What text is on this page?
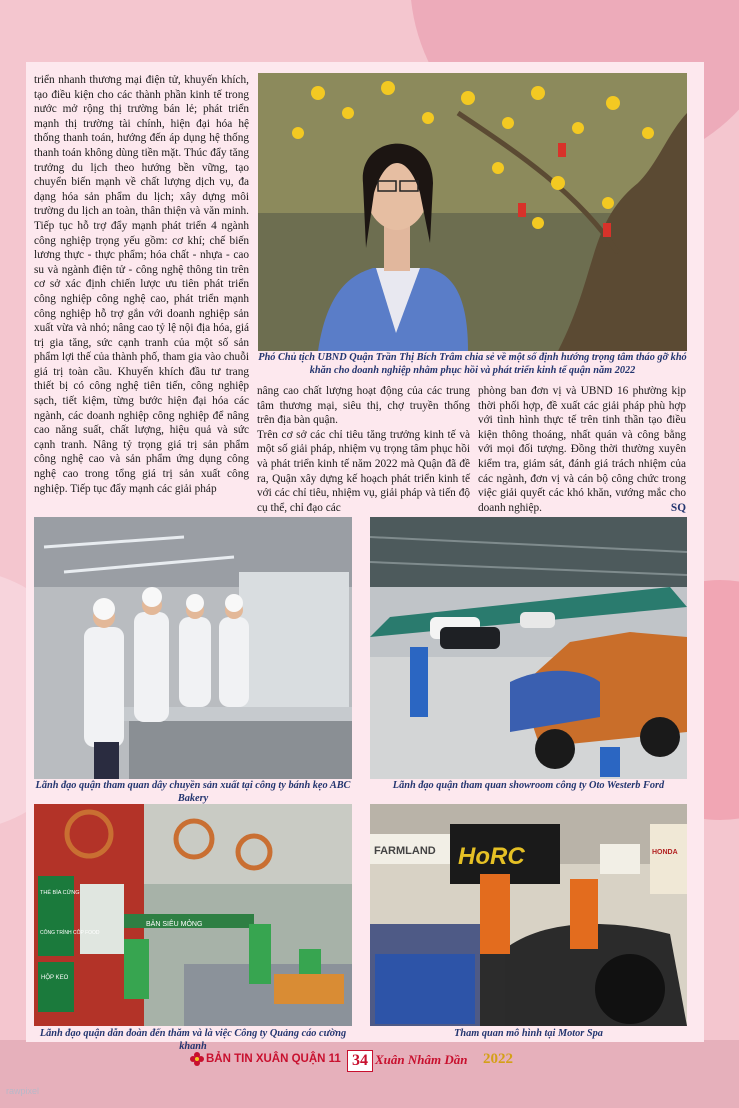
triển nhanh thương mại điện tử, khuyến khích, tạo điều kiện cho các thành phần kinh tế trong nước mở rộng thị trường bán lẻ; phát triển mạnh thị trường tài chính, hiện đại hóa hệ thống thanh toán, hướng đến áp dụng hệ thống thanh toán không dùng tiền mặt. Thúc đẩy tăng trưởng du lịch theo hướng bền vững, tạo chuyển biến mạnh về chất lượng dịch vụ, đa dạng hóa sản phẩm du lịch; xây dựng môi trường du lịch an toàn, thân thiện và văn minh. Tiếp tục hỗ trợ đẩy mạnh phát triển 4 ngành công nghiệp trọng yếu gồm: cơ khí; chế biến lương thực - thực phẩm; hóa chất - nhựa - cao su và ngành điện tử - công nghệ thông tin trên cơ sở xác định chiến lược ưu tiên phát triển công nghiệp công nghệ cao, phát triển mạnh công nghiệp hỗ trợ gắn với doanh nghiệp sản xuất vừa và nhỏ; nâng cao tỷ lệ nội địa hóa, giá trị gia tăng, sức cạnh tranh của một số sản phẩm lợi thế của thành phố, tham gia vào chuỗi giá trị toàn cầu. Khuyến khích đầu tư trang thiết bị có công nghệ tiên tiến, công nghiệp sạch, tiết kiệm, từng bước hiện đại hóa các ngành, các doanh nghiệp công nghiệp để nâng cao năng suất, chất lượng, hiệu quả và sức cạnh tranh. Nâng tỷ trọng giá trị sản phẩm công nghệ cao và sản phẩm ứng dụng công nghệ cao trong tổng giá trị sản xuất công nghiệp. Tiếp tục đẩy mạnh các giải pháp

Phó Chủ tịch UBND Quận Trần Thị Bích Trâm chia sẻ về một số định hướng trọng tâm tháo gỡ khó khăn cho doanh nghiệp nhằm phục hồi và phát triển kinh tế quận năm 2022

nâng cao chất lượng hoạt động của các trung tâm thương mại, siêu thị, chợ truyền thống trên địa bàn quận.

Trên cơ sở các chỉ tiêu tăng trưởng kinh tế và một số giải pháp, nhiệm vụ trọng tâm phục hồi và phát triển kinh tế năm 2022 mà Quận đã đề ra, Quận xây dựng kế hoạch phát triển kinh tế với các chỉ tiêu, nhiệm vụ, giải pháp và tiến độ cụ thể, chỉ đạo các

phòng ban đơn vị và UBND 16 phường kịp thời phối hợp, đề xuất các giải pháp phù hợp với tình hình thực tế trên tinh thần tạo điều kiện thông thoáng, nhất quán và công bằng với mọi đối tượng. Đồng thời thường xuyên kiểm tra, giám sát, đánh giá trách nhiệm của các ngành, đơn vị và cán bộ công chức trong việc giải quyết các khó khăn, vướng mắc cho doanh nghiệp.	SQ

Lãnh đạo quận tham quan dây chuyền sản xuất tại công ty bánh kẹo ABC Bakery

Lãnh đạo quận tham quan showroom công ty Oto Westerb Ford

BẢN SIÊU MỎNG
THỂ BÌA CỨNG
CÔNG TRÌNH CÔP FOOD
HỘP KEO

Lãnh đạo quận dẫn đoàn đến thăm và là việc Công ty Quảng cáo cường khanh

FARMLAND HoRC	HONDA

Tham quan mô hình tại Motor Spa

BẢN TIN XUÂN QUẬN 11 34 Xuân Nhâm Dần 2022
rawpixel
